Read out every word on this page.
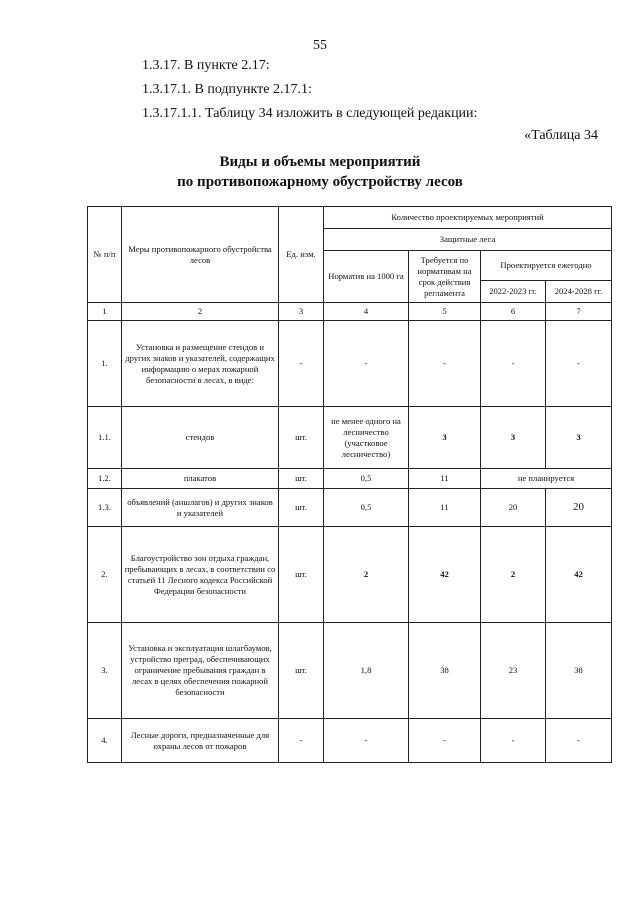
55
1.3.17. В пункте 2.17:
1.3.17.1. В подпункте 2.17.1:
1.3.17.1.1. Таблицу 34 изложить в следующей редакции:
«Таблица 34
Виды и объемы мероприятий
по противопожарному обустройству лесов
№ п/п	Меры противопожарного обустройства лесов	Ед. изм.	Количество проектируемых мероприятий			
			Защитные леса			
			Норматив на 1000 га	Требуется по нормативам на срок действия регламента	Проектируется ежегодно	
					2022-2023 гг.	2024-2028 гг.
1	2	3	4	5	6	7
1.	Установка и размещение стендов и других знаков и указателей, содержащих информацию о мерах пожарной безопасности в лесах, в виде:	-	-	-	-	-
1.1.	стендов	шт.	не менее одного на лесничество (участковое лесничество)	3	3	3
1.2.	плакатов	шт.	0,5	11	не планируется	
1.3.	объявлений (аншлагов) и других знаков и указателей	шт.	0,5	11	20	20
2.	Благоустройство зон отдыха граждан, пребывающих в лесах, в соответствии со статьей 11 Лесного кодекса Российской Федерации безопасности	шт.	2	42	2	42
3.	Установка и эксплуатация шлагбаумов, устройство преград, обеспечивающих ограничение пребывания граждан в лесах в целях обеспечения пожарной безопасности	шт.	1,8	38	23	38
4.	Лесные дороги, предназначенные для охраны лесов от пожаров	-	-	-	-	-
